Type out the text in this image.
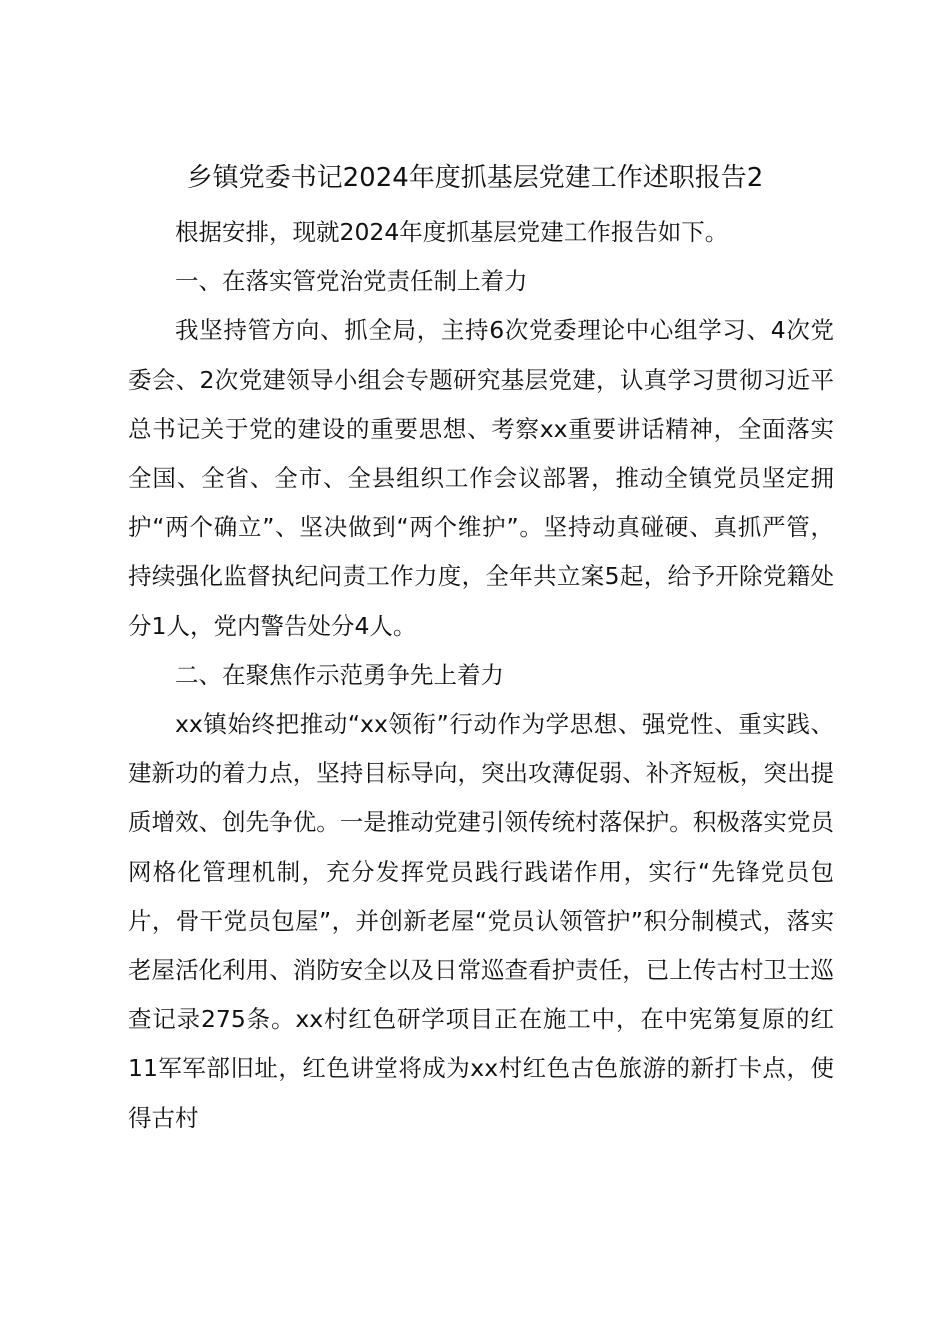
乡镇党委书记2024年度抓基层党建工作述职报告2

根据安排，现就2024年度抓基层党建工作报告如下。

一、在落实管党治党责任制上着力

我坚持管方向、抓全局，主持6次党委理论中心组学习、4次党委会、2次党建领导小组会专题研究基层党建，认真学习贯彻习近平总书记关于党的建设的重要思想、考察xx重要讲话精神，全面落实全国、全省、全市、全县组织工作会议部署，推动全镇党员坚定拥护“两个确立”、坚决做到“两个维护”。坚持动真碰硬、真抓严管，持续强化监督执纪问责工作力度，全年共立案5起，给予开除党籍处分1人，党内警告处分4人。

二、在聚焦作示范勇争先上着力

xx镇始终把推动“xx领衔”行动作为学思想、强党性、重实践、建新功的着力点，坚持目标导向，突出攻薄促弱、补齐短板，突出提质增效、创先争优。一是推动党建引领传统村落保护。积极落实党员网格化管理机制，充分发挥党员践行践诺作用，实行“先锋党员包片，骨干党员包屋”，并创新老屋“党员认领管护”积分制模式，落实老屋活化利用、消防安全以及日常巡查看护责任，已上传古村卫士巡查记录275条。xx村红色研学项目正在施工中，在中宪第复原的红11军军部旧址，红色讲堂将成为xx村红色古色旅游的新打卡点，使得古村
